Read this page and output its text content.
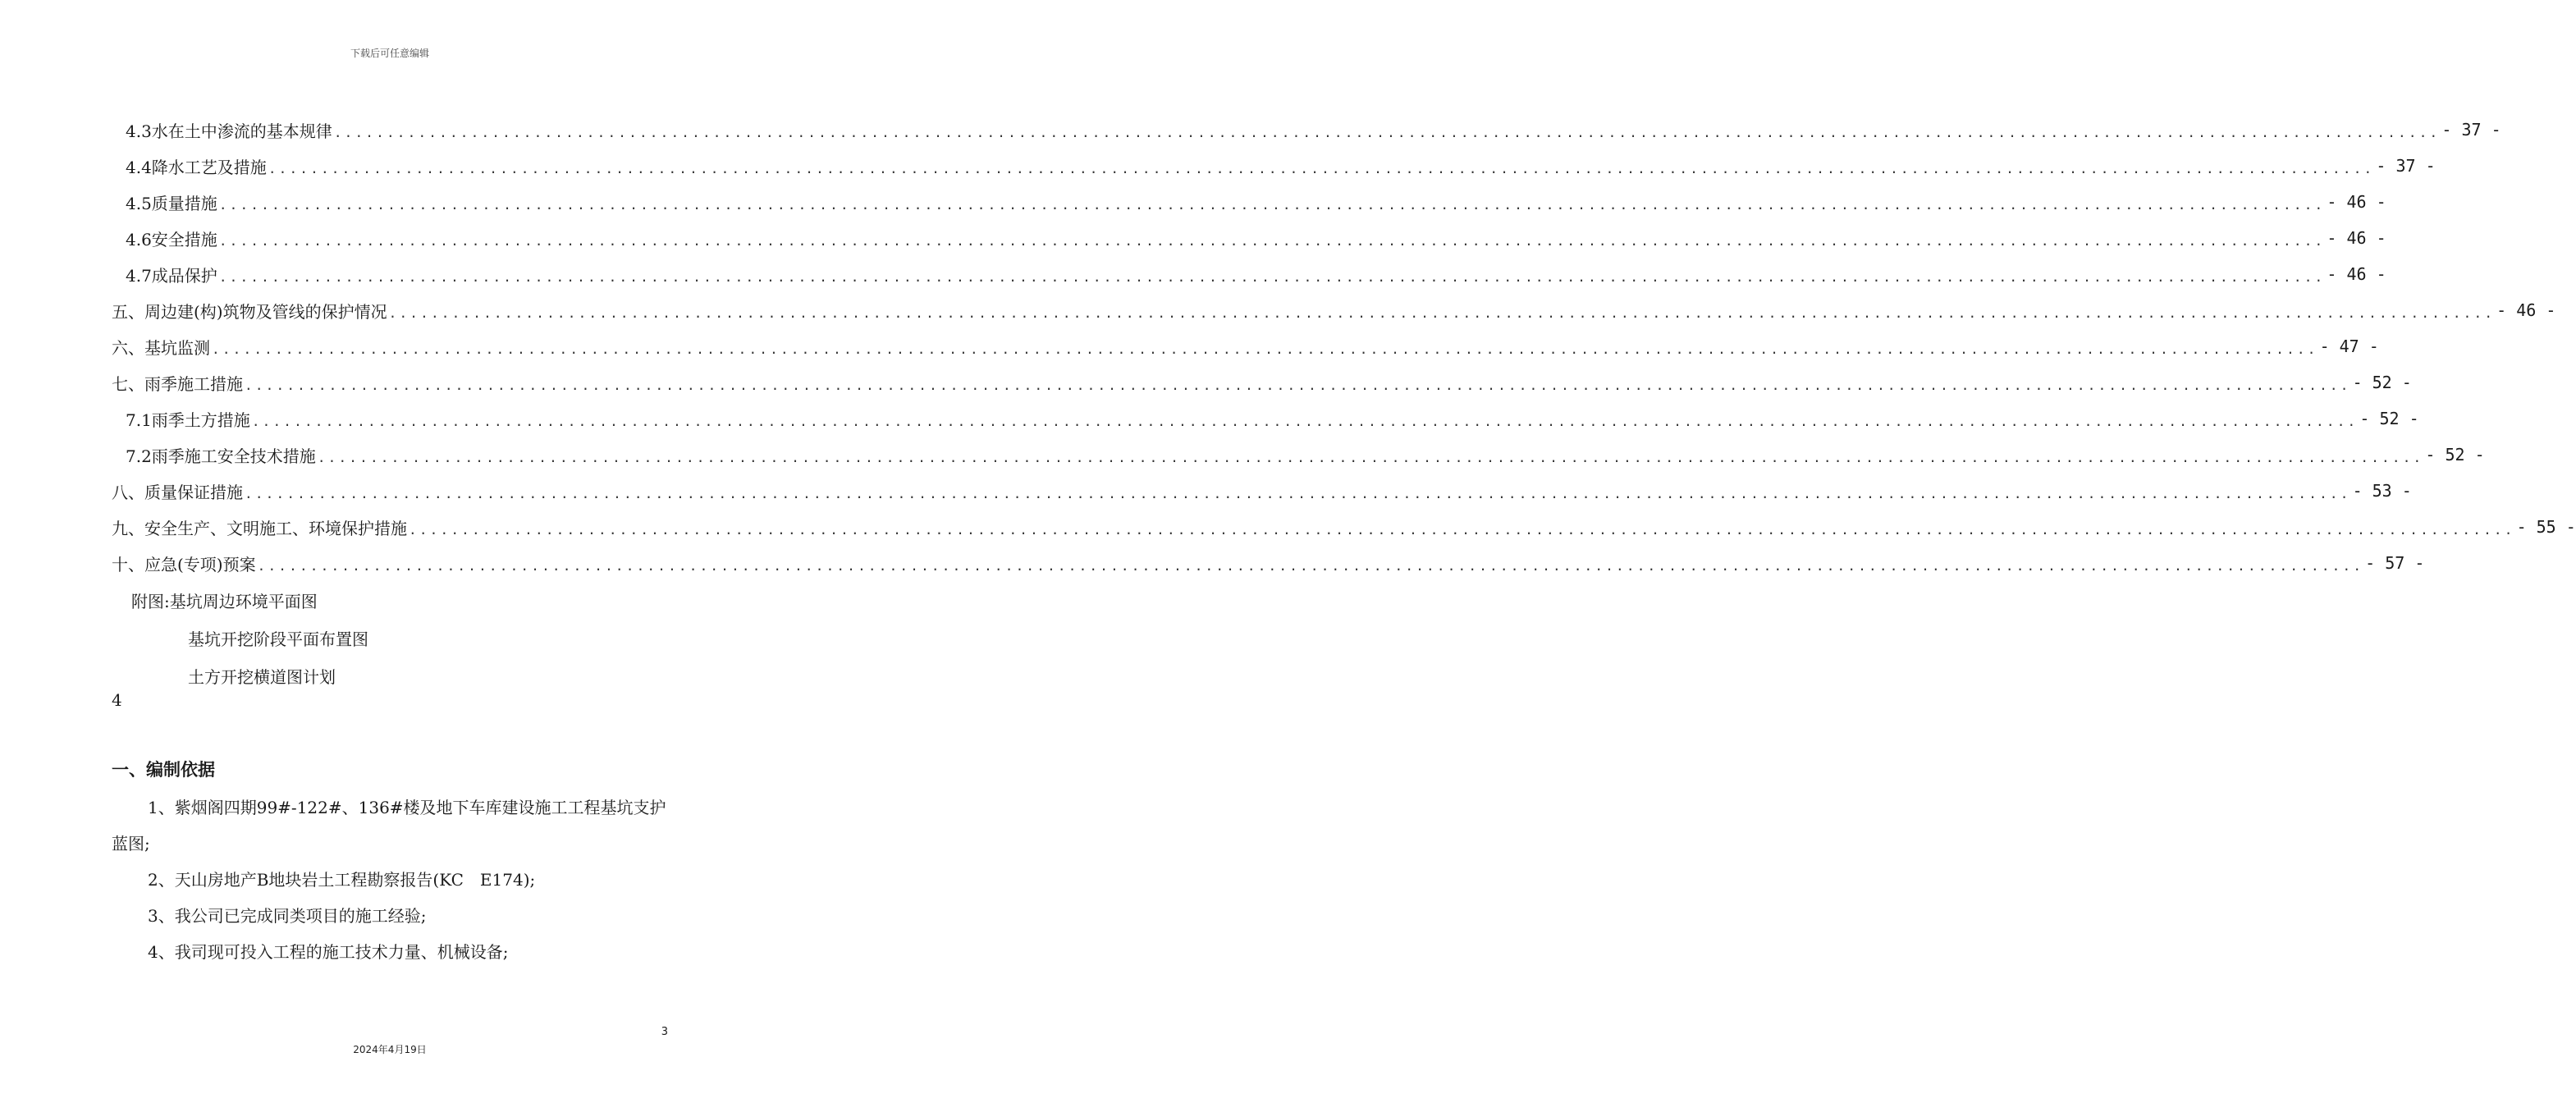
下载后可任意编辑
4.3水在土中渗流的基本规律 ........................................................................................................................................................................................................ - 37 -
4.4降水工艺及措施 ........................................................................................................................................................................................................ - 37 -
4.5质量措施 ........................................................................................................................................................................................................ - 46 -
4.6安全措施 ........................................................................................................................................................................................................ - 46 -
4.7成品保护 ........................................................................................................................................................................................................ - 46 -
五、周边建(构)筑物及管线的保护情况 ........................................................................................................................................................................................................ - 46 -
六、基坑监测 ........................................................................................................................................................................................................ - 47 -
七、雨季施工措施 ........................................................................................................................................................................................................ - 52 -
7.1雨季土方措施 ........................................................................................................................................................................................................ - 52 -
7.2雨季施工安全技术措施 ........................................................................................................................................................................................................ - 52 -
八、质量保证措施 ........................................................................................................................................................................................................ - 53 -
九、安全生产、文明施工、环境保护措施 ........................................................................................................................................................................................................ - 55 -
十、应急(专项)预案 ........................................................................................................................................................................................................ - 57 -
附图:基坑周边环境平面图
基坑开挖阶段平面布置图
土方开挖横道图计划
4
一、编制依据
1、紫烟阁四期99#-122#、136#楼及地下车库建设施工工程基坑支护蓝图;
2、天山房地产B地块岩土工程勘察报告(KC　E174);
3、我公司已完成同类项目的施工经验;
4、我司现可投入工程的施工技术力量、机械设备;
3
2024年4月19日
